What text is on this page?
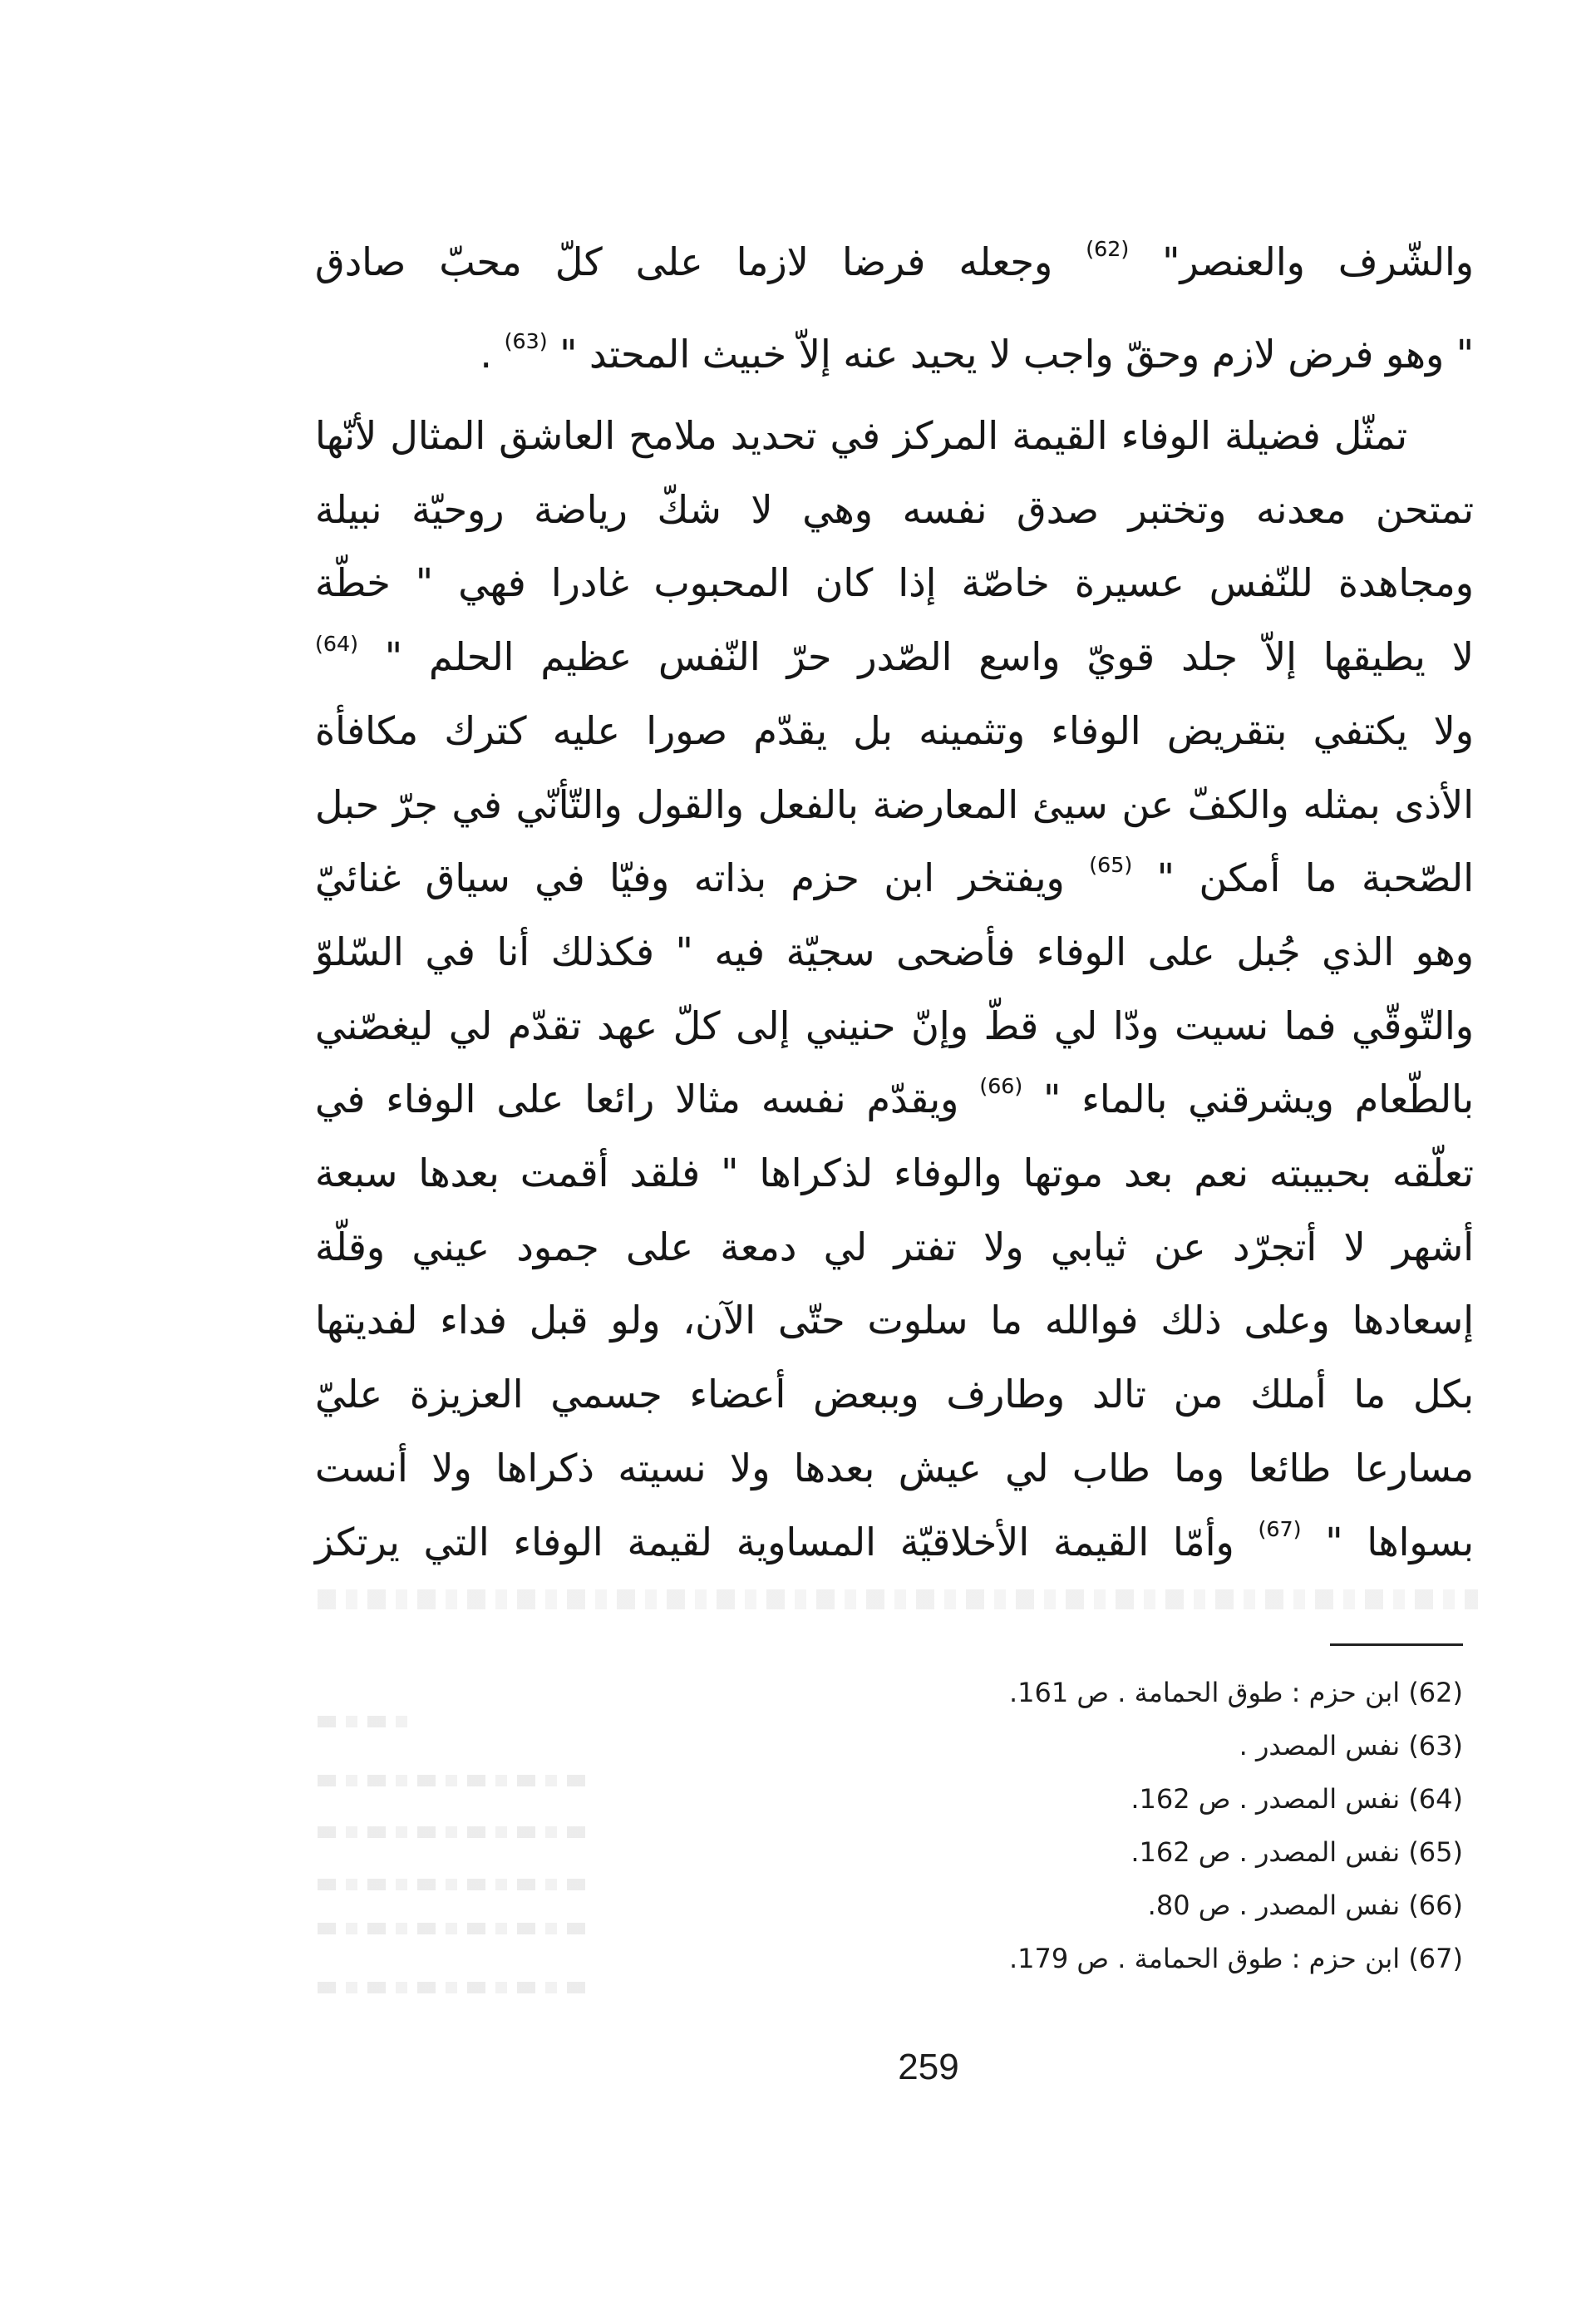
والشّرف والعنصر" $^{(62)}$ وجعله فرضا لازما على كلّ محبّ صادق
" وهو فرض لازم وحقّ واجب لا يحيد عنه إلاّ خبيث المحتد " $^{(63)}$ .
تمثّل فضيلة الوفاء القيمة المركز في تحديد ملامح العاشق المثال لأنّها
تمتحن معدنه وتختبر صدق نفسه وهي لا شكّ رياضة روحيّة نبيلة
ومجاهدة للنّفس عسيرة خاصّة إذا كان المحبوب غادرا فهي " خطّة
لا يطيقها إلاّ جلد قويّ واسع الصّدر حرّ النّفس عظيم الحلم " $^{(64)}$
ولا يكتفي بتقريض الوفاء وتثمينه بل يقدّم صورا عليه كترك مكافأة
الأذى بمثله والكفّ عن سيئ المعارضة بالفعل والقول والتّأنّي في جرّ حبل
الصّحبة ما أمكن " $^{(65)}$ ويفتخر ابن حزم بذاته وفيّا في سياق غنائيّ
وهو الذي جُبل على الوفاء فأضحى سجيّة فيه " فكذلك أنا في السّلوّ
والتّوقّي فما نسيت ودّا لي قطّ وإنّ حنيني إلى كلّ عهد تقدّم لي ليغصّني
بالطّعام ويشرقني بالماء " $^{(66)}$ ويقدّم نفسه مثالا رائعا على الوفاء في
تعلّقه بحبيبته نعم بعد موتها والوفاء لذكراها " فلقد أقمت بعدها سبعة
أشهر لا أتجرّد عن ثيابي ولا تفتر لي دمعة على جمود عيني وقلّة
إسعادها وعلى ذلك فوالله ما سلوت حتّى الآن، ولو قبل فداء لفديتها
بكل ما أملك من تالد وطارف وببعض أعضاء جسمي العزيزة عليّ
مسارعا طائعا وما طاب لي عيش بعدها ولا نسيته ذكراها ولا أنست
بسواها " $^{(67)}$ وأمّا القيمة الأخلاقيّة المساوية لقيمة الوفاء التي يرتكز
(62) ابن حزم : طوق الحمامة . ص 161.
(63) نفس المصدر .
(64) نفس المصدر . ص 162.
(65) نفس المصدر . ص 162.
(66) نفس المصدر . ص 80.
(67) ابن حزم : طوق الحمامة . ص 179.
259
